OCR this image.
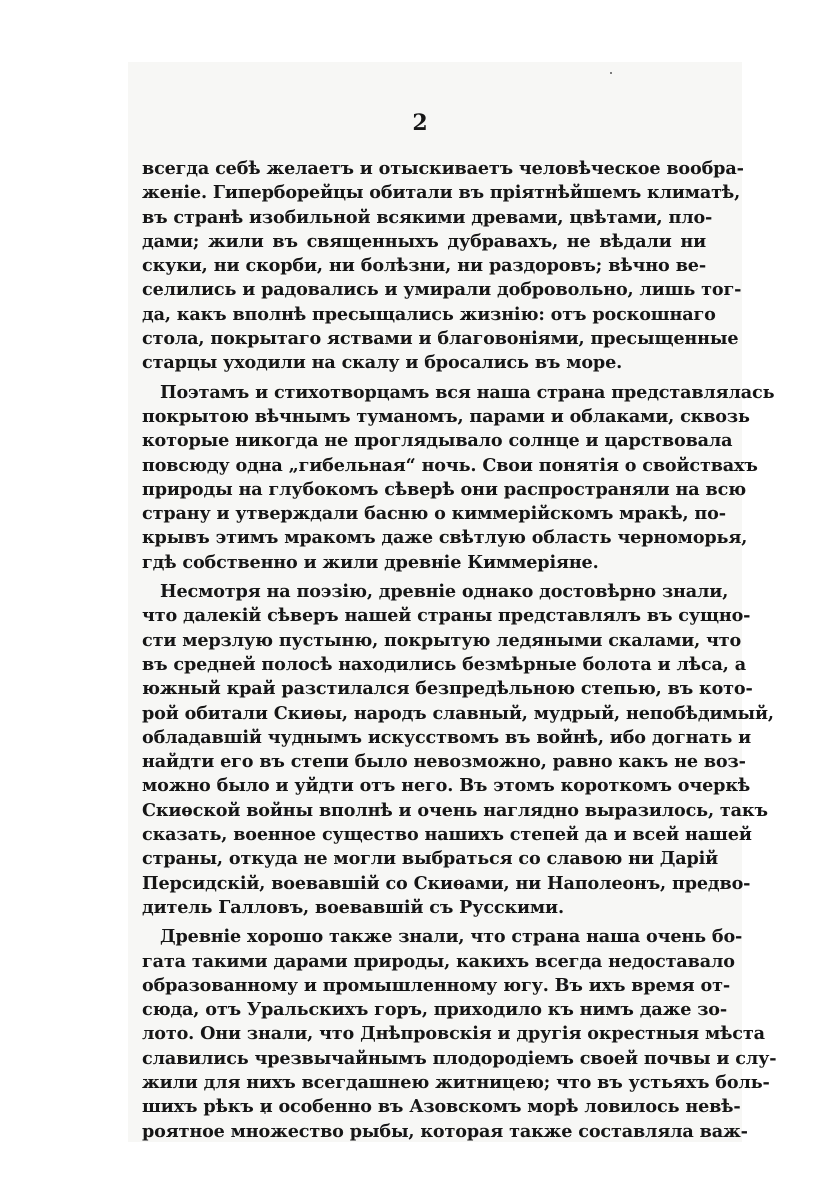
2
всегда себѣ желаетъ и отыскиваетъ человѣческое вообра-
женіе. Гиперборейцы обитали въ пріятнѣйшемъ климатѣ,
въ странѣ изобильной всякими древами, цвѣтами, пло-
дами; жили въ священныхъ дубравахъ, не вѣдали ни
скуки, ни скорби, ни болѣзни, ни раздоровъ; вѣчно ве-
селились и радовались и умирали добровольно, лишь тог-
да, какъ вполнѣ пресыщались жизнію: отъ роскошнаго
стола, покрытаго яствами и благовоніями, пресыщенные
старцы уходили на скалу и бросались въ море.
Поэтамъ и стихотворцамъ вся наша страна представлялась
покрытою вѣчнымъ туманомъ, парами и облаками, сквозь
которые никогда не проглядывало солнце и царствовала
повсюду одна „гибельная“ ночь. Свои понятія о свойствахъ
природы на глубокомъ сѣверѣ они распространяли на всю
страну и утверждали басню о киммерійскомъ мракѣ, по-
крывъ этимъ мракомъ даже свѣтлую область черноморья,
гдѣ собственно и жили древніе Киммеріяне.
Несмотря на поэзію, древніе однако достовѣрно знали,
что далекій сѣверъ нашей страны представлялъ въ сущно-
сти мерзлую пустыню, покрытую ледяными скалами, что
въ средней полосѣ находились безмѣрные болота и лѣса, а
южный край разстилался безпредѣльною степью, въ кото-
рой обитали Скиѳы, народъ славный, мудрый, непобѣдимый,
обладавшій чуднымъ искусствомъ въ войнѣ, ибо догнать и
найдти его въ степи было невозможно, равно какъ не воз-
можно было и уйдти отъ него. Въ этомъ короткомъ очеркѣ
Скиѳской войны вполнѣ и очень наглядно выразилось, такъ
сказать, военное существо нашихъ степей да и всей нашей
страны, откуда не могли выбраться со славою ни Дарій
Персидскій, воевавшій со Скиѳами, ни Наполеонъ, предво-
дитель Галловъ, воевавшій съ Русскими.
Древніе хорошо также знали, что страна наша очень бо-
гата такими дарами природы, какихъ всегда недоставало
образованному и промышленному югу. Въ ихъ время от-
сюда, отъ Уральскихъ горъ, приходило къ нимъ даже зо-
лото. Они знали, что Днѣпровскія и другія окрестныя мѣста
славились чрезвычайнымъ плодородіемъ своей почвы и слу-
жили для нихъ всегдашнею житницею; что въ устьяхъ боль-
шихъ рѣкъ и особенно въ Азовскомъ морѣ ловилось невѣ-
роятное множество рыбы, которая также составляла важ-
